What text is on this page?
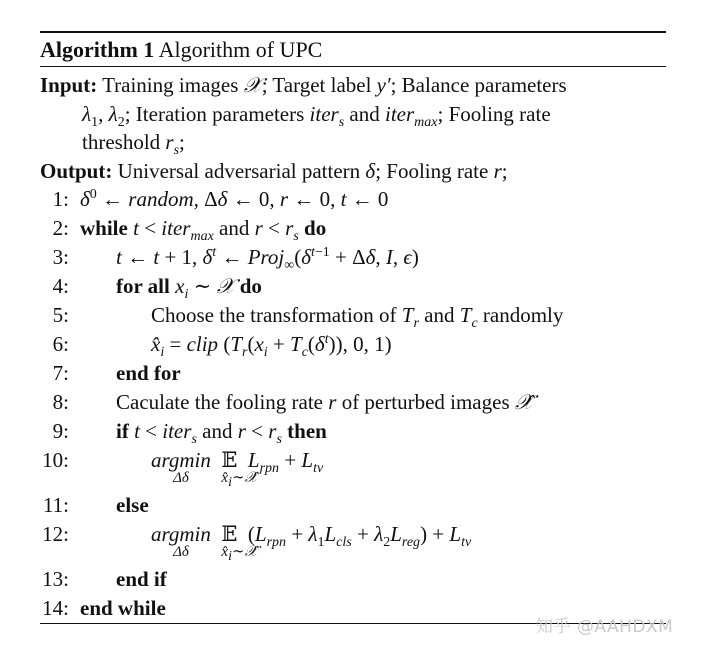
Algorithm 1 Algorithm of UPC
Input: Training images 𝒳; Target label y′; Balance parameters
$\lambda_1$, $\lambda_2$; Iteration parameters iter$_s$ and iter$_{max}$; Fooling rate
threshold $r_s$;
Output: Universal adversarial pattern δ; Fooling rate r;
1: $\delta^0$ ← random, Δδ ← 0, r ← 0, t ← 0
2: while t < iter$_{max}$ and $r < r_s$ do
3: t ← t + 1, $\delta^t$ ← $Proj_\infty(\delta^{t-1} + \Delta\delta$, I, ϵ)
4: for all $x_i$ ∼ 𝒳 do
5:	Choose the transformation of $T_r$ and $T_c$ randomly
6:	$x̂_i$ = clip ($T_r(x_i + T_c(\delta^t))$, 0, 1)
7: end for
8: Caculate the fooling rate r of perturbed images 𝒳̂
9: if t < iter$_s$ and $r < r_s$ then
10:	argmin
Δδ
𝔼
$x̂_i\sim 𝒳̂$
$L_{rpn} + L_{tv}$
11: else
12:	argmin
Δδ
𝔼
$x̂_i\sim 𝒳̂$
$(L_{rpn} + \lambda_1L_{cls} + \lambda_2L_{reg}) + L_{tv}$
13: end if
14: end while
知乎 @AAHDXM
